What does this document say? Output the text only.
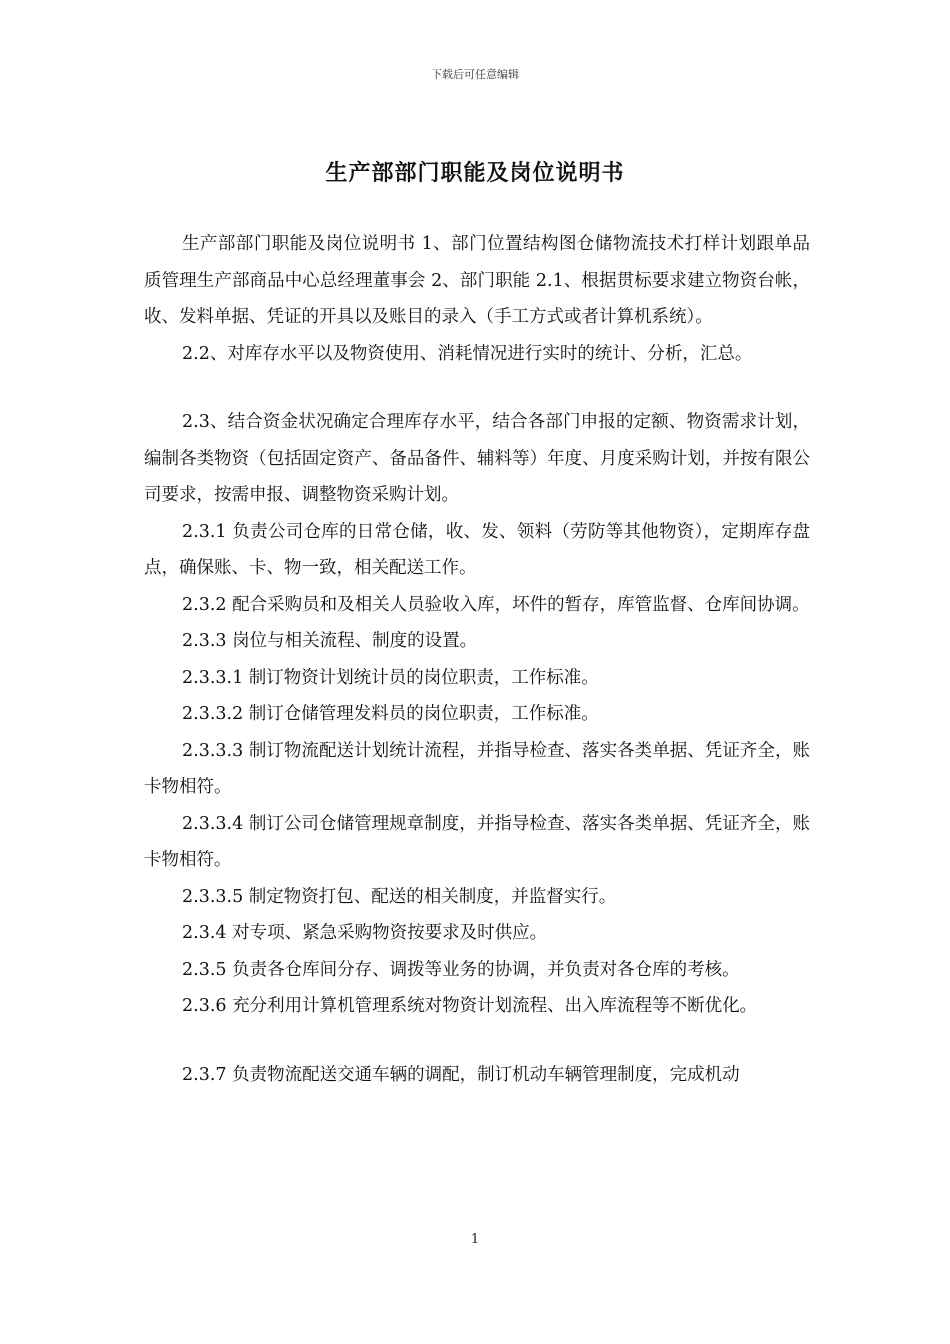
下载后可任意编辑
生产部部门职能及岗位说明书

生产部部门职能及岗位说明书 1、部门位置结构图仓储物流技术打样计划跟单品质管理生产部商品中心总经理董事会 2、部门职能 2.1、根据贯标要求建立物资台帐，收、发料单据、凭证的开具以及账目的录入（手工方式或者计算机系统）。

2.2、对库存水平以及物资使用、消耗情况进行实时的统计、分析，汇总。

2.3、结合资金状况确定合理库存水平，结合各部门申报的定额、物资需求计划，编制各类物资（包括固定资产、备品备件、辅料等）年度、月度采购计划，并按有限公司要求，按需申报、调整物资采购计划。

2.3.1 负责公司仓库的日常仓储，收、发、领料（劳防等其他物资），定期库存盘点，确保账、卡、物一致，相关配送工作。

2.3.2 配合采购员和及相关人员验收入库，坏件的暂存，库管监督、仓库间协调。

2.3.3 岗位与相关流程、制度的设置。

2.3.3.1 制订物资计划统计员的岗位职责，工作标准。

2.3.3.2 制订仓储管理发料员的岗位职责，工作标准。

2.3.3.3 制订物流配送计划统计流程，并指导检查、落实各类单据、凭证齐全，账卡物相符。

2.3.3.4 制订公司仓储管理规章制度，并指导检查、落实各类单据、凭证齐全，账卡物相符。

2.3.3.5 制定物资打包、配送的相关制度，并监督实行。

2.3.4 对专项、紧急采购物资按要求及时供应。

2.3.5 负责各仓库间分存、调拨等业务的协调，并负责对各仓库的考核。

2.3.6 充分利用计算机管理系统对物资计划流程、出入库流程等不断优化。

2.3.7 负责物流配送交通车辆的调配，制订机动车辆管理制度，完成机动

1
